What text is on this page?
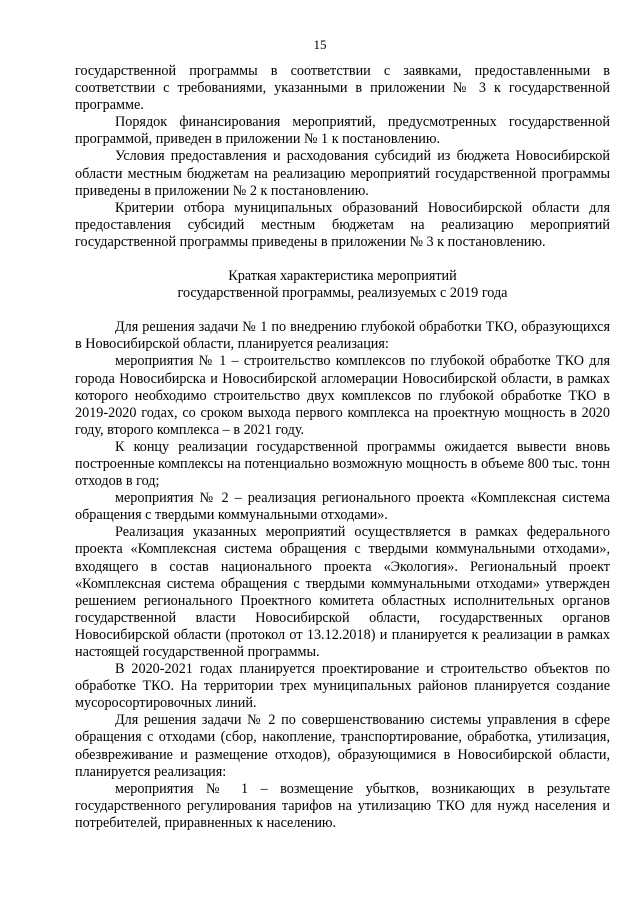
15

государственной программы в соответствии с заявками, предоставленными в соответствии с требованиями, указанными в приложении № 3 к государственной программе.

Порядок финансирования мероприятий, предусмотренных государственной программой, приведен в приложении № 1 к постановлению.

Условия предоставления и расходования субсидий из бюджета Новосибирской области местным бюджетам на реализацию мероприятий государственной программы приведены в приложении № 2 к постановлению.

Критерии отбора муниципальных образований Новосибирской области для предоставления субсидий местным бюджетам на реализацию мероприятий государственной программы приведены в приложении № 3 к постановлению.

Краткая характеристика мероприятий

государственной программы, реализуемых с 2019 года

Для решения задачи № 1 по внедрению глубокой обработки ТКО, образующихся в Новосибирской области, планируется реализация:

мероприятия № 1 – строительство комплексов по глубокой обработке ТКО для города Новосибирска и Новосибирской агломерации Новосибирской области, в рамках которого необходимо строительство двух комплексов по глубокой обработке ТКО в 2019-2020 годах, со сроком выхода первого комплекса на проектную мощность в 2020 году, второго комплекса – в 2021 году.

К концу реализации государственной программы ожидается вывести вновь построенные комплексы на потенциально возможную мощность в объеме 800 тыс. тонн отходов в год;

мероприятия № 2 – реализация регионального проекта «Комплексная система обращения с твердыми коммунальными отходами».

Реализация указанных мероприятий осуществляется в рамках федерального проекта «Комплексная система обращения с твердыми коммунальными отходами», входящего в состав национального проекта «Экология». Региональный проект «Комплексная система обращения с твердыми коммунальными отходами» утвержден решением регионального Проектного комитета областных исполнительных органов государственной власти Новосибирской области, государственных органов Новосибирской области (протокол от 13.12.2018) и планируется к реализации в рамках настоящей государственной программы.

В 2020-2021 годах планируется проектирование и строительство объектов по обработке ТКО. На территории трех муниципальных районов планируется создание мусоросортировочных линий.

Для решения задачи № 2 по совершенствованию системы управления в сфере обращения с отходами (сбор, накопление, транспортирование, обработка, утилизация, обезвреживание и размещение отходов), образующимися в Новосибирской области, планируется реализация:

мероприятия № 1 – возмещение убытков, возникающих в результате государственного регулирования тарифов на утилизацию ТКО для нужд населения и потребителей, приравненных к населению.
